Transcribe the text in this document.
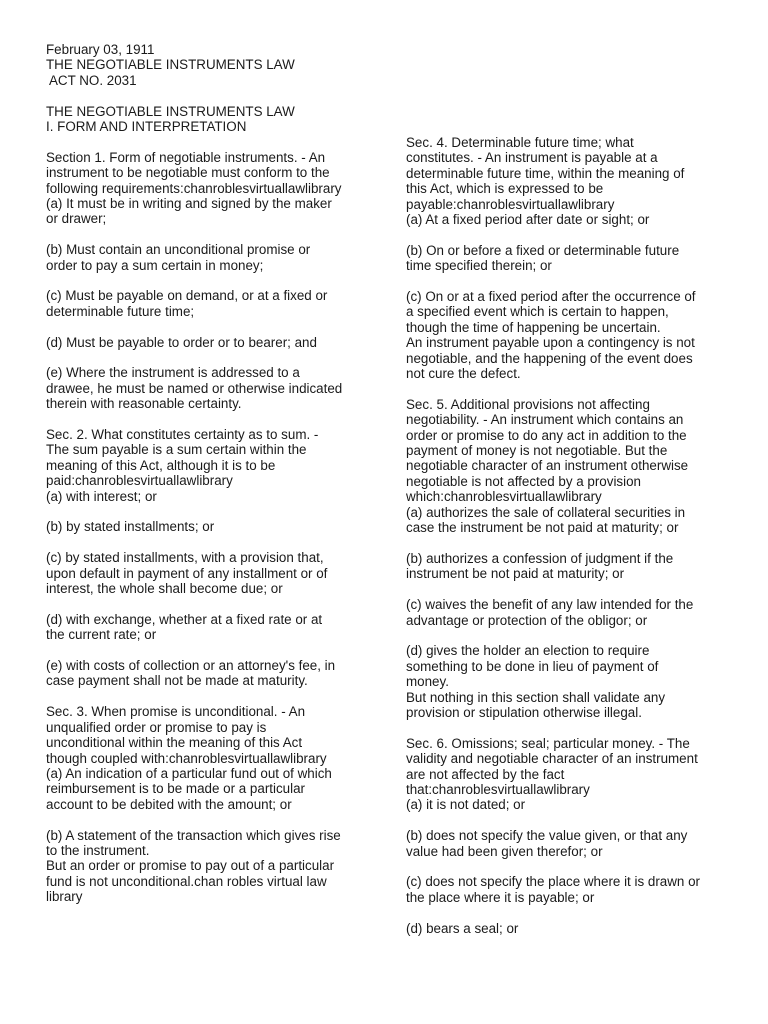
February 03, 1911
THE NEGOTIABLE INSTRUMENTS LAW
ACT NO. 2031
THE NEGOTIABLE INSTRUMENTS LAW
I. FORM AND INTERPRETATION
Section 1. Form of negotiable instruments. - An
instrument to be negotiable must conform to the
following requirements:chanroblesvirtuallawlibrary
(a) It must be in writing and signed by the maker
or drawer;
(b) Must contain an unconditional promise or
order to pay a sum certain in money;
(c) Must be payable on demand, or at a fixed or
determinable future time;
(d) Must be payable to order or to bearer; and
(e) Where the instrument is addressed to a
drawee, he must be named or otherwise indicated
therein with reasonable certainty.
Sec. 2. What constitutes certainty as to sum. -
The sum payable is a sum certain within the
meaning of this Act, although it is to be
paid:chanroblesvirtuallawlibrary
(a) with interest; or
(b) by stated installments; or
(c) by stated installments, with a provision that,
upon default in payment of any installment or of
interest, the whole shall become due; or
(d) with exchange, whether at a fixed rate or at
the current rate; or
(e) with costs of collection or an attorney's fee, in
case payment shall not be made at maturity.
Sec. 3. When promise is unconditional. - An
unqualified order or promise to pay is
unconditional within the meaning of this Act
though coupled with:chanroblesvirtuallawlibrary
(a) An indication of a particular fund out of which
reimbursement is to be made or a particular
account to be debited with the amount; or
(b) A statement of the transaction which gives rise
to the instrument.
But an order or promise to pay out of a particular
fund is not unconditional.chan robles virtual law
library
Sec. 4. Determinable future time; what
constitutes. - An instrument is payable at a
determinable future time, within the meaning of
this Act, which is expressed to be
payable:chanroblesvirtuallawlibrary
(a) At a fixed period after date or sight; or
(b) On or before a fixed or determinable future
time specified therein; or
(c) On or at a fixed period after the occurrence of
a specified event which is certain to happen,
though the time of happening be uncertain.
An instrument payable upon a contingency is not
negotiable, and the happening of the event does
not cure the defect.
Sec. 5. Additional provisions not affecting
negotiability. - An instrument which contains an
order or promise to do any act in addition to the
payment of money is not negotiable. But the
negotiable character of an instrument otherwise
negotiable is not affected by a provision
which:chanroblesvirtuallawlibrary
(a) authorizes the sale of collateral securities in
case the instrument be not paid at maturity; or
(b) authorizes a confession of judgment if the
instrument be not paid at maturity; or
(c) waives the benefit of any law intended for the
advantage or protection of the obligor; or
(d) gives the holder an election to require
something to be done in lieu of payment of
money.
But nothing in this section shall validate any
provision or stipulation otherwise illegal.
Sec. 6. Omissions; seal; particular money. - The
validity and negotiable character of an instrument
are not affected by the fact
that:chanroblesvirtuallawlibrary
(a) it is not dated; or
(b) does not specify the value given, or that any
value had been given therefor; or
(c) does not specify the place where it is drawn or
the place where it is payable; or
(d) bears a seal; or
